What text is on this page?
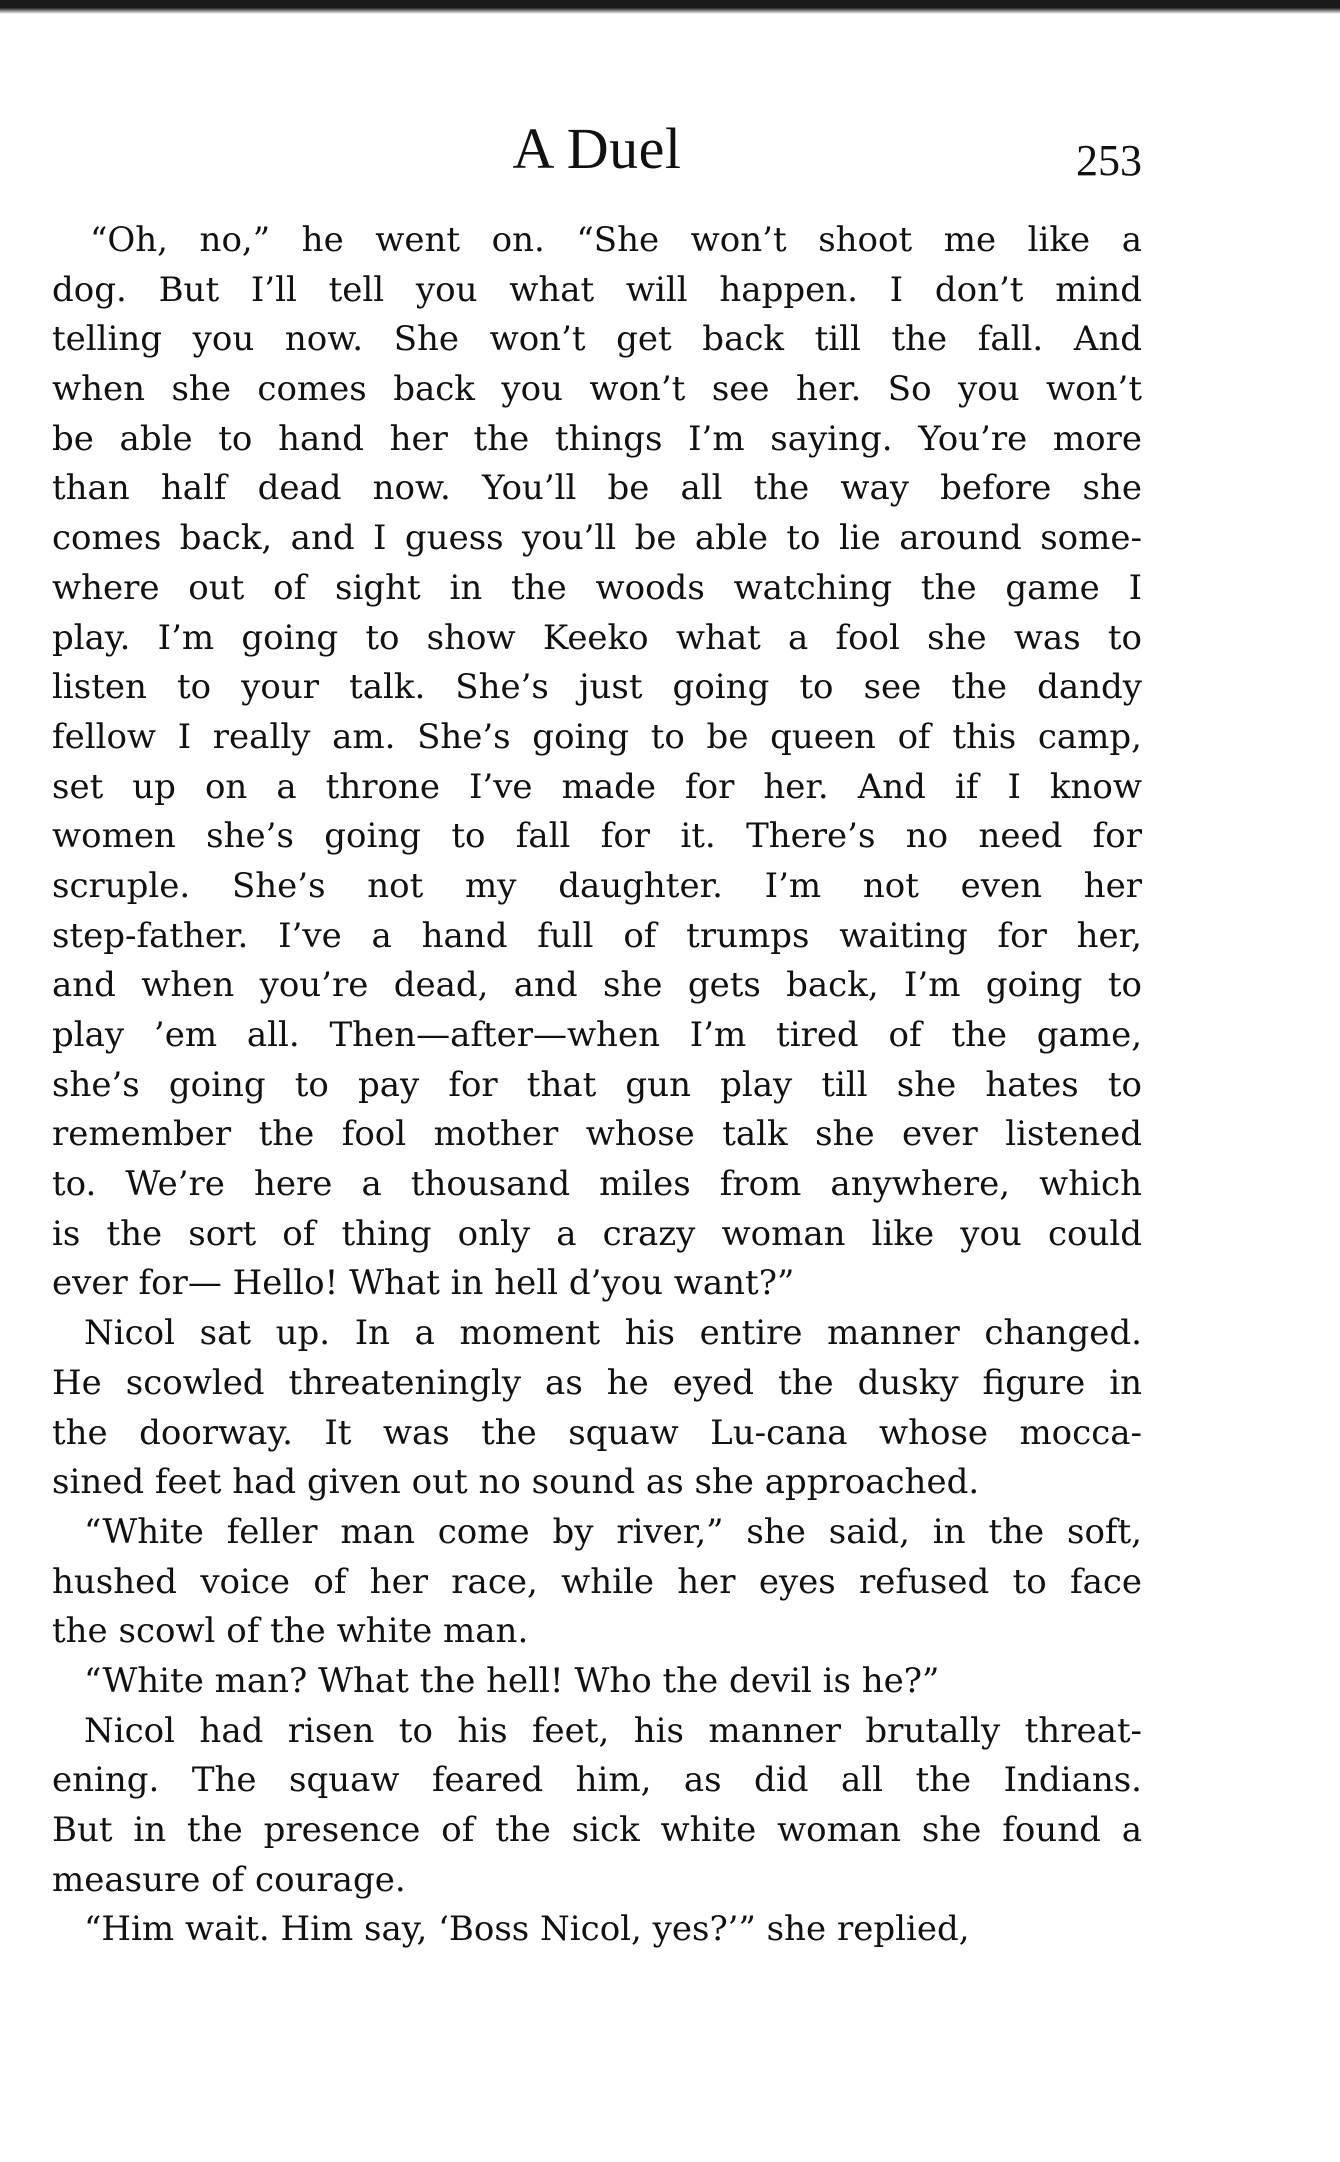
A Duel	253
“Oh, no,” he went on. “She won’t shoot me like a
dog. But I’ll tell you what will happen. I don’t mind
telling you now. She won’t get back till the fall. And
when she comes back you won’t see her. So you won’t
be able to hand her the things I’m saying. You’re more
than half dead now. You’ll be all the way before she
comes back, and I guess you’ll be able to lie around some-
where out of sight in the woods watching the game I
play. I’m going to show Keeko what a fool she was to
listen to your talk. She’s just going to see the dandy
fellow I really am. She’s going to be queen of this camp,
set up on a throne I’ve made for her. And if I know
women she’s going to fall for it. There’s no need for
scruple. She’s not my daughter. I’m not even her
step-father. I’ve a hand full of trumps waiting for her,
and when you’re dead, and she gets back, I’m going to
play ’em all. Then—after—when I’m tired of the game,
she’s going to pay for that gun play till she hates to
remember the fool mother whose talk she ever listened
to. We’re here a thousand miles from anywhere, which
is the sort of thing only a crazy woman like you could
ever for— Hello! What in hell d’you want?”
Nicol sat up. In a moment his entire manner changed.
He scowled threateningly as he eyed the dusky figure in
the doorway. It was the squaw Lu-cana whose mocca-
sined feet had given out no sound as she approached.
“White feller man come by river,” she said, in the soft,
hushed voice of her race, while her eyes refused to face
the scowl of the white man.
“White man? What the hell! Who the devil is he?”
Nicol had risen to his feet, his manner brutally threat-
ening. The squaw feared him, as did all the Indians.
But in the presence of the sick white woman she found a
measure of courage.
“Him wait. Him say, ‘Boss Nicol, yes?’” she replied,
